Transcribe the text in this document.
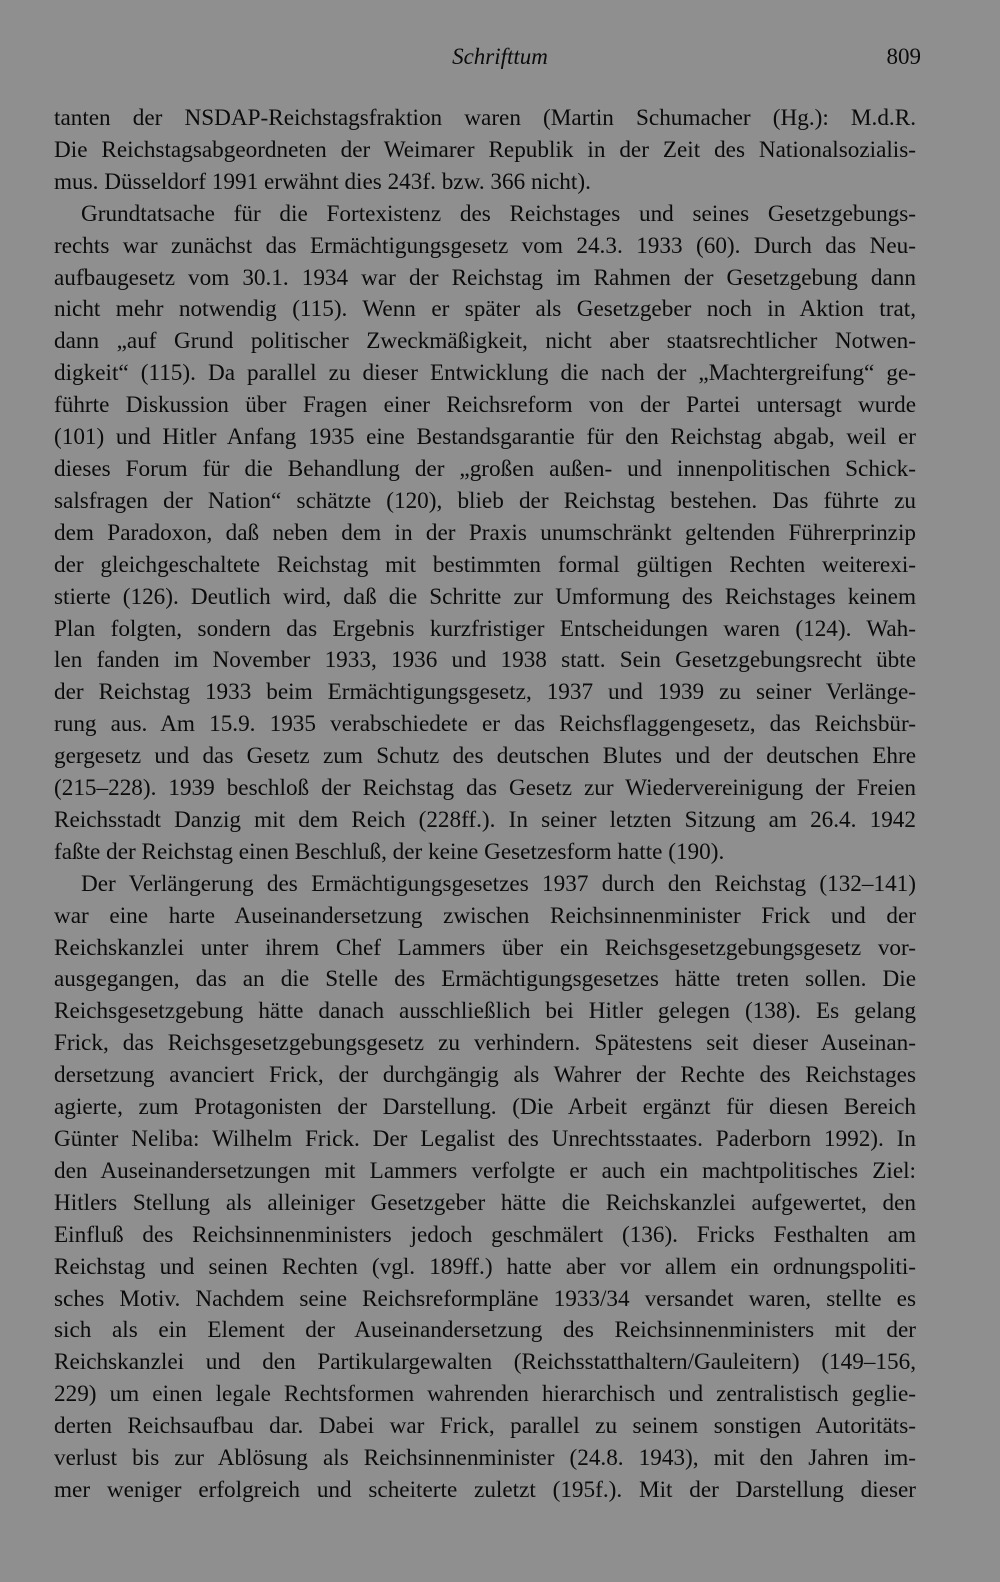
Schrifttum	809

tanten der NSDAP-Reichstagsfraktion waren (Martin Schumacher (Hg.): M.d.R.

Die Reichstagsabgeordneten der Weimarer Republik in der Zeit des Nationalsozialis-

mus. Düsseldorf 1991 erwähnt dies 243f. bzw. 366 nicht).

Grundtatsache für die Fortexistenz des Reichstages und seines Gesetzgebungs-

rechts war zunächst das Ermächtigungsgesetz vom 24.3. 1933 (60). Durch das Neu-

aufbaugesetz vom 30.1. 1934 war der Reichstag im Rahmen der Gesetzgebung dann

nicht mehr notwendig (115). Wenn er später als Gesetzgeber noch in Aktion trat,

dann „auf Grund politischer Zweckmäßigkeit, nicht aber staatsrechtlicher Notwen-

digkeit“ (115). Da parallel zu dieser Entwicklung die nach der „Machtergreifung“ ge-

führte Diskussion über Fragen einer Reichsreform von der Partei untersagt wurde

(101) und Hitler Anfang 1935 eine Bestandsgarantie für den Reichstag abgab, weil er

dieses Forum für die Behandlung der „großen außen- und innenpolitischen Schick-

salsfragen der Nation“ schätzte (120), blieb der Reichstag bestehen. Das führte zu

dem Paradoxon, daß neben dem in der Praxis unumschränkt geltenden Führerprinzip

der gleichgeschaltete Reichstag mit bestimmten formal gültigen Rechten weiterexi-

stierte (126). Deutlich wird, daß die Schritte zur Umformung des Reichstages keinem

Plan folgten, sondern das Ergebnis kurzfristiger Entscheidungen waren (124). Wah-

len fanden im November 1933, 1936 und 1938 statt. Sein Gesetzgebungsrecht übte

der Reichstag 1933 beim Ermächtigungsgesetz, 1937 und 1939 zu seiner Verlänge-

rung aus. Am 15.9. 1935 verabschiedete er das Reichsflaggengesetz, das Reichsbür-

gergesetz und das Gesetz zum Schutz des deutschen Blutes und der deutschen Ehre

(215–228). 1939 beschloß der Reichstag das Gesetz zur Wiedervereinigung der Freien

Reichsstadt Danzig mit dem Reich (228ff.). In seiner letzten Sitzung am 26.4. 1942

faßte der Reichstag einen Beschluß, der keine Gesetzesform hatte (190).

Der Verlängerung des Ermächtigungsgesetzes 1937 durch den Reichstag (132–141)

war eine harte Auseinandersetzung zwischen Reichsinnenminister Frick und der

Reichskanzlei unter ihrem Chef Lammers über ein Reichsgesetzgebungsgesetz vor-

ausgegangen, das an die Stelle des Ermächtigungsgesetzes hätte treten sollen. Die

Reichsgesetzgebung hätte danach ausschließlich bei Hitler gelegen (138). Es gelang

Frick, das Reichsgesetzgebungsgesetz zu verhindern. Spätestens seit dieser Auseinan-

dersetzung avanciert Frick, der durchgängig als Wahrer der Rechte des Reichstages

agierte, zum Protagonisten der Darstellung. (Die Arbeit ergänzt für diesen Bereich

Günter Neliba: Wilhelm Frick. Der Legalist des Unrechtsstaates. Paderborn 1992). In

den Auseinandersetzungen mit Lammers verfolgte er auch ein machtpolitisches Ziel:

Hitlers Stellung als alleiniger Gesetzgeber hätte die Reichskanzlei aufgewertet, den

Einfluß des Reichsinnenministers jedoch geschmälert (136). Fricks Festhalten am

Reichstag und seinen Rechten (vgl. 189ff.) hatte aber vor allem ein ordnungspoliti-

sches Motiv. Nachdem seine Reichsreformpläne 1933/34 versandet waren, stellte es

sich als ein Element der Auseinandersetzung des Reichsinnenministers mit der

Reichskanzlei und den Partikulargewalten (Reichsstatthaltern/Gauleitern) (149–156,

229) um einen legale Rechtsformen wahrenden hierarchisch und zentralistisch geglie-

derten Reichsaufbau dar. Dabei war Frick, parallel zu seinem sonstigen Autoritäts-

verlust bis zur Ablösung als Reichsinnenminister (24.8. 1943), mit den Jahren im-

mer weniger erfolgreich und scheiterte zuletzt (195f.). Mit der Darstellung dieser
